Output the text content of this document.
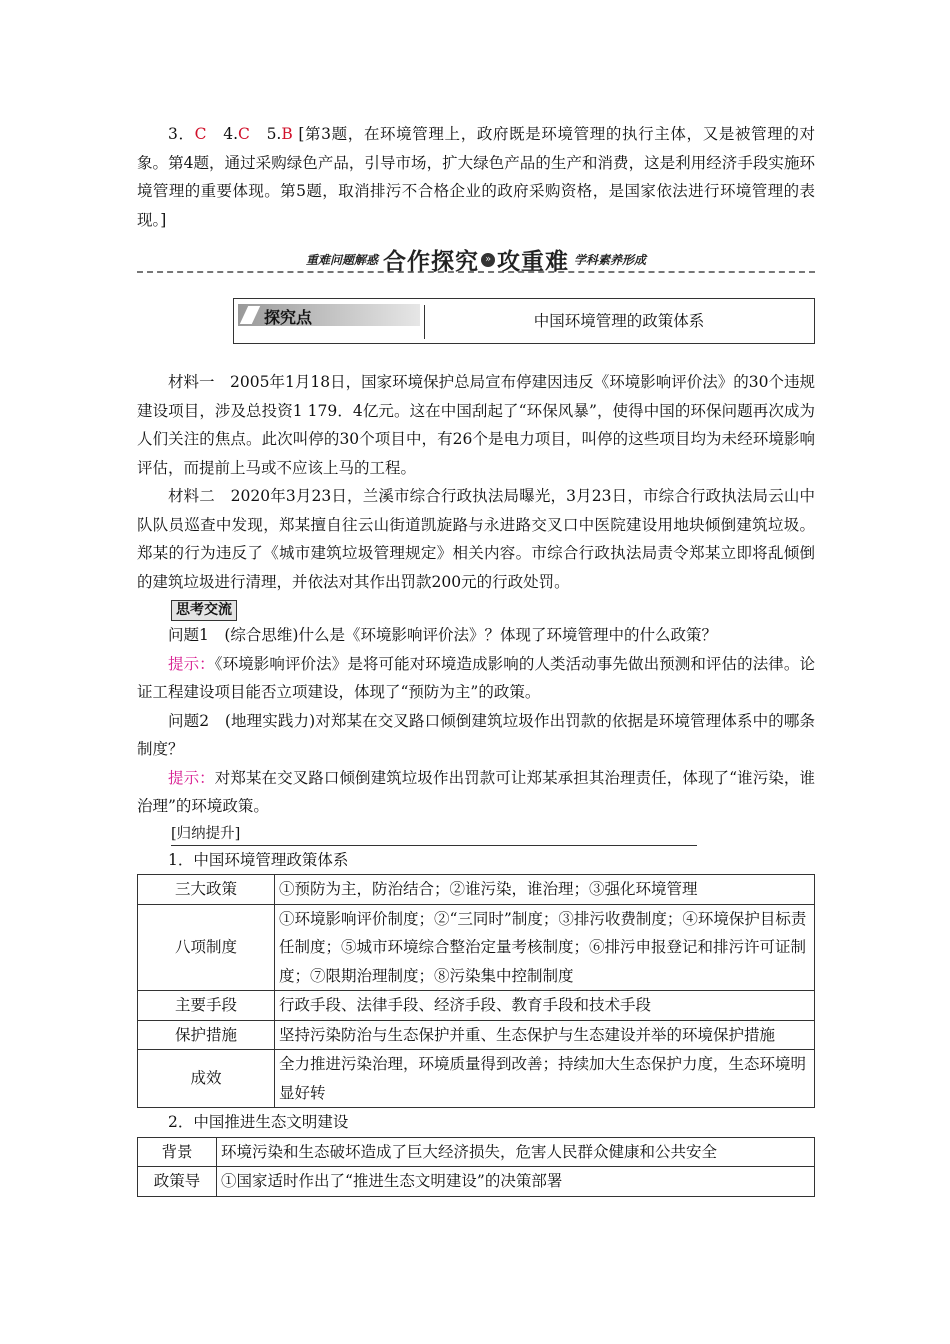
3．C 4.C 5.B [第3题，在环境管理上，政府既是环境管理的执行主体，又是被管理的对象。第4题，通过采购绿色产品，引导市场，扩大绿色产品的生产和消费，这是利用经济手段实施环境管理的重要体现。第5题，取消排污不合格企业的政府采购资格，是国家依法进行环境管理的表现。]

重难问题解惑 合作探究 » 攻重难 学科素养形成
探究点	中国环境管理的政策体系

材料一　2005年1月18日，国家环境保护总局宣布停建因违反《环境影响评价法》的30个违规建设项目，涉及总投资1 179．4亿元。这在中国刮起了“环保风暴”，使得中国的环保问题再次成为人们关注的焦点。此次叫停的30个项目中，有26个是电力项目，叫停的这些项目均为未经环境影响评估，而提前上马或不应该上马的工程。

材料二　2020年3月23日，兰溪市综合行政执法局曝光，3月23日，市综合行政执法局云山中队队员巡查中发现，郑某擅自往云山街道凯旋路与永进路交叉口中医院建设用地块倾倒建筑垃圾。郑某的行为违反了《城市建筑垃圾管理规定》相关内容。市综合行政执法局责令郑某立即将乱倾倒的建筑垃圾进行清理，并依法对其作出罚款200元的行政处罚。

思考交流

问题1　(综合思维)什么是《环境影响评价法》？体现了环境管理中的什么政策？

提示：《环境影响评价法》是将可能对环境造成影响的人类活动事先做出预测和评估的法律。论证工程建设项目能否立项建设，体现了“预防为主”的政策。

问题2　(地理实践力)对郑某在交叉路口倾倒建筑垃圾作出罚款的依据是环境管理体系中的哪条制度？

提示：对郑某在交叉路口倾倒建筑垃圾作出罚款可让郑某承担其治理责任，体现了“谁污染，谁治理”的环境政策。

[归纳提升]

1．中国环境管理政策体系

三大政策	①预防为主，防治结合；②谁污染，谁治理；③强化环境管理
八项制度	①环境影响评价制度；②“三同时”制度；③排污收费制度；④环境保护目标责任制度；⑤城市环境综合整治定量考核制度；⑥排污申报登记和排污许可证制度；⑦限期治理制度；⑧污染集中控制制度
主要手段	行政手段、法律手段、经济手段、教育手段和技术手段
保护措施	坚持污染防治与生态保护并重、生态保护与生态建设并举的环境保护措施
成效	全力推进污染治理，环境质量得到改善；持续加大生态保护力度，生态环境明显好转

2．中国推进生态文明建设

背景	环境污染和生态破坏造成了巨大经济损失，危害人民群众健康和公共安全
政策导	①国家适时作出了“推进生态文明建设”的决策部署
